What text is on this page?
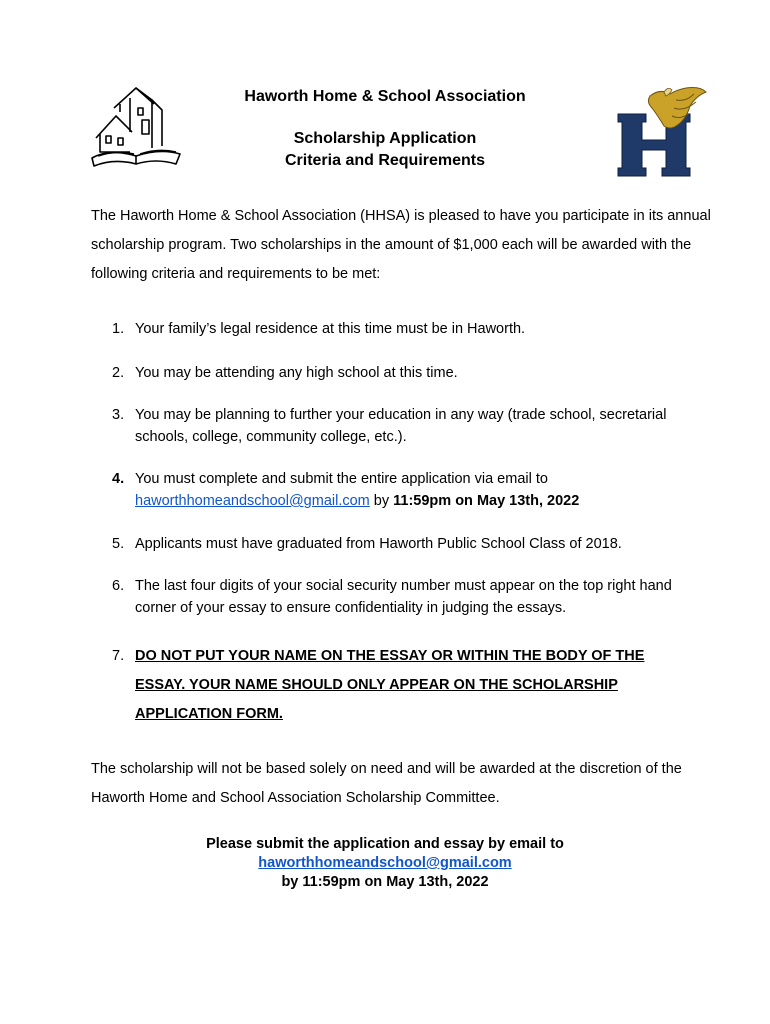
Haworth Home & School Association
Scholarship Application
Criteria and Requirements
The Haworth Home & School Association (HHSA) is pleased to have you participate in its annual scholarship program. Two scholarships in the amount of $1,000 each will be awarded with the following criteria and requirements to be met:
1. Your family’s legal residence at this time must be in Haworth.
2. You may be attending any high school at this time.
3. You may be planning to further your education in any way (trade school, secretarial schools, college, community college, etc.).
4. You must complete and submit the entire application via email to
haworthhomeandschool@gmail.com by 11:59pm on May 13th, 2022
5. Applicants must have graduated from Haworth Public School Class of 2018.
6. The last four digits of your social security number must appear on the top right hand corner of your essay to ensure confidentiality in judging the essays.
7. DO NOT PUT YOUR NAME ON THE ESSAY OR WITHIN THE BODY OF THE ESSAY. YOUR NAME SHOULD ONLY APPEAR ON THE SCHOLARSHIP APPLICATION FORM.
The scholarship will not be based solely on need and will be awarded at the discretion of the Haworth Home and School Association Scholarship Committee.
Please submit the application and essay by email to
haworthhomeandschool@gmail.com
by 11:59pm on May 13th, 2022
